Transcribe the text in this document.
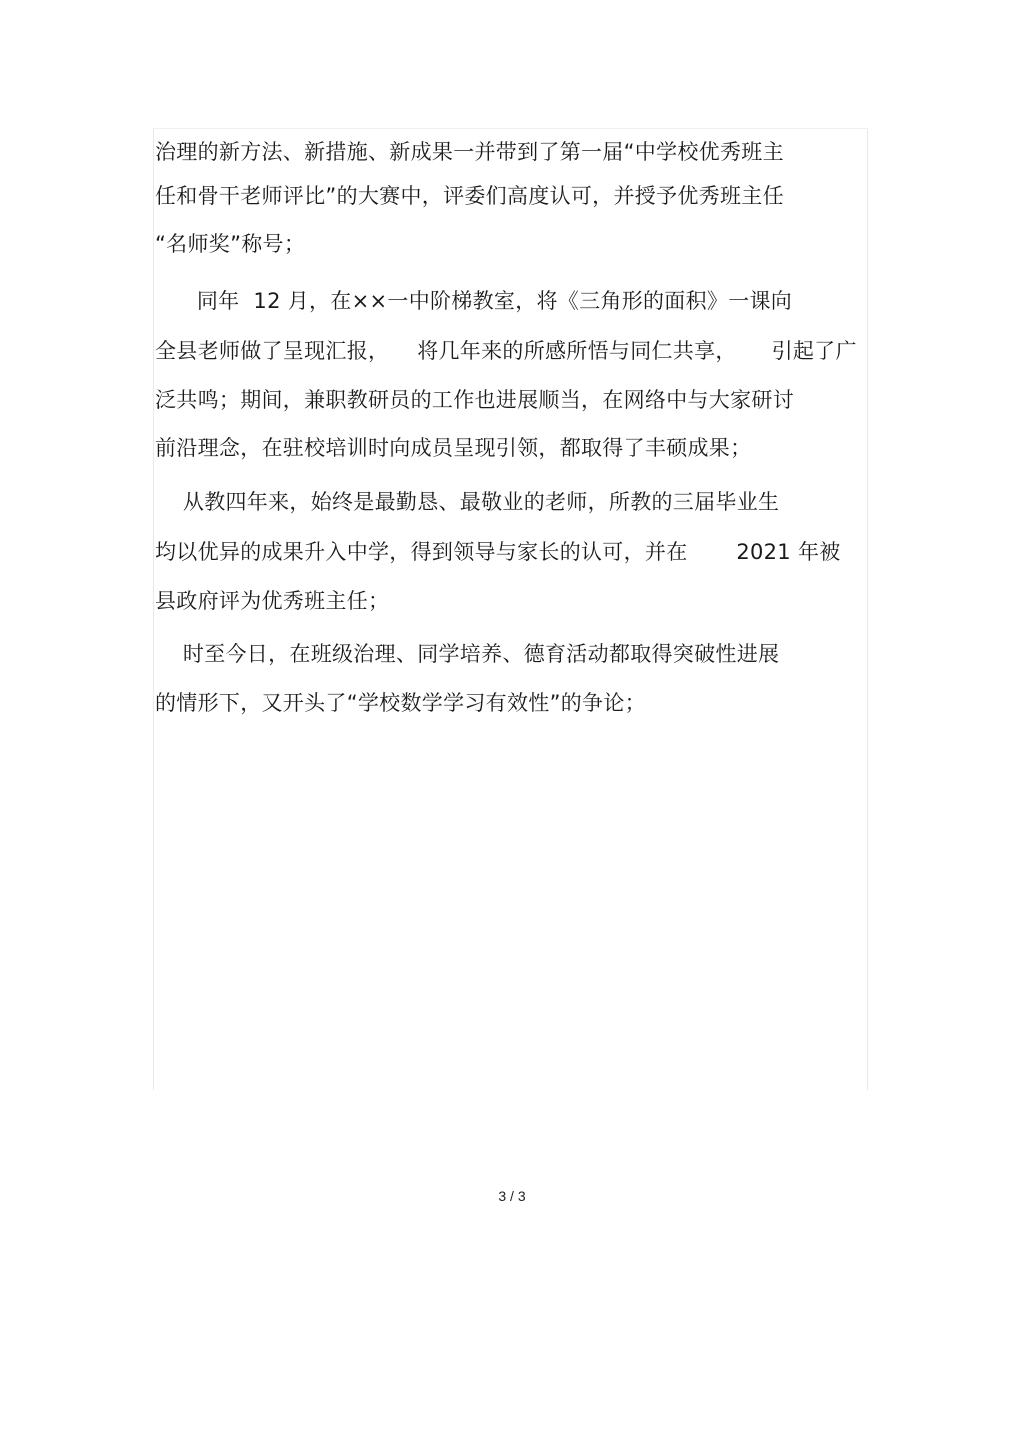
治理的新方法、新措施、新成果一并带到了第一届“中学校优秀班主
任和骨干老师评比”的大赛中，评委们高度认可，并授予优秀班主任
“名师奖”称号；
同年  12 月，在××一中阶梯教室，将《三角形的面积》一课向
全县老师做了呈现汇报，    将几年来的所感所悟与同仁共享，     引起了广
泛共鸣；期间，兼职教研员的工作也进展顺当，在网络中与大家研讨
前沿理念，在驻校培训时向成员呈现引领，都取得了丰硕成果；
从教四年来，始终是最勤恳、最敬业的老师，所教的三届毕业生
均以优异的成果升入中学，得到领导与家长的认可，并在       2021 年被
县政府评为优秀班主任；
时至今日，在班级治理、同学培养、德育活动都取得突破性进展
的情形下，又开头了“学校数学学习有效性”的争论；
3 / 3
